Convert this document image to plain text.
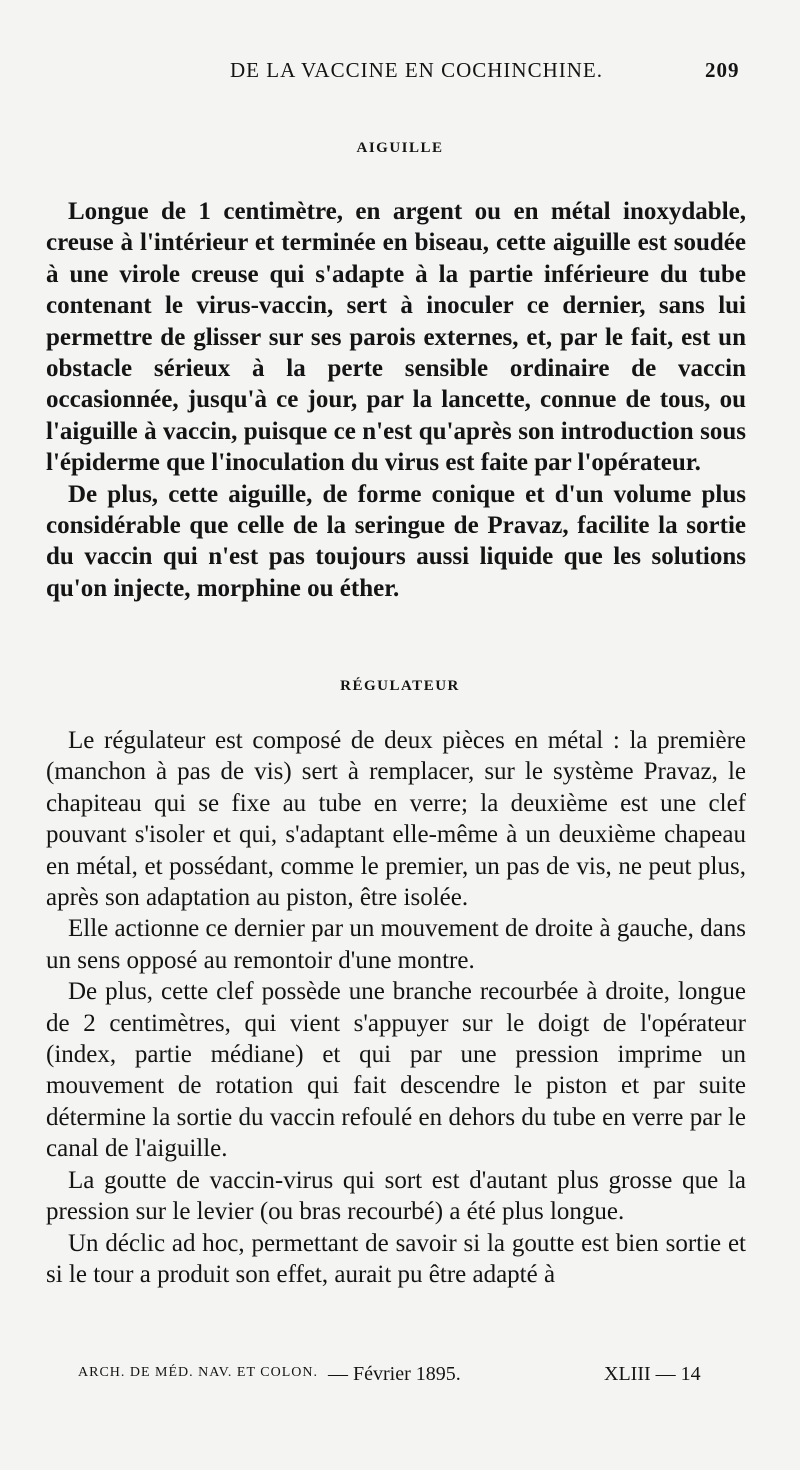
DE LA VACCINE EN COCHINCHINE.	209
AIGUILLE

Longue de 1 centimètre, en argent ou en métal inoxydable, creuse à l'intérieur et terminée en biseau, cette aiguille est soudée à une virole creuse qui s'adapte à la partie inférieure du tube contenant le virus-vaccin, sert à inoculer ce dernier, sans lui permettre de glisser sur ses parois externes, et, par le fait, est un obstacle sérieux à la perte sensible ordinaire de vaccin occasionnée, jusqu'à ce jour, par la lancette, connue de tous, ou l'aiguille à vaccin, puisque ce n'est qu'après son introduction sous l'épiderme que l'inoculation du virus est faite par l'opérateur.

De plus, cette aiguille, de forme conique et d'un volume plus considérable que celle de la seringue de Pravaz, facilite la sortie du vaccin qui n'est pas toujours aussi liquide que les solutions qu'on injecte, morphine ou éther.

RÉGULATEUR

Le régulateur est composé de deux pièces en métal : la première (manchon à pas de vis) sert à remplacer, sur le système Pravaz, le chapiteau qui se fixe au tube en verre; la deuxième est une clef pouvant s'isoler et qui, s'adaptant elle-même à un deuxième chapeau en métal, et possédant, comme le premier, un pas de vis, ne peut plus, après son adaptation au piston, être isolée.

Elle actionne ce dernier par un mouvement de droite à gauche, dans un sens opposé au remontoir d'une montre.

De plus, cette clef possède une branche recourbée à droite, longue de 2 centimètres, qui vient s'appuyer sur le doigt de l'opérateur (index, partie médiane) et qui par une pression imprime un mouvement de rotation qui fait descendre le piston et par suite détermine la sortie du vaccin refoulé en dehors du tube en verre par le canal de l'aiguille.

La goutte de vaccin-virus qui sort est d'autant plus grosse que la pression sur le levier (ou bras recourbé) a été plus longue.

Un déclic ad hoc, permettant de savoir si la goutte est bien sortie et si le tour a produit son effet, aurait pu être adapté à

ARCH. DE MÉD. NAV. ET COLON. — Février 1895.	XLIII — 14
